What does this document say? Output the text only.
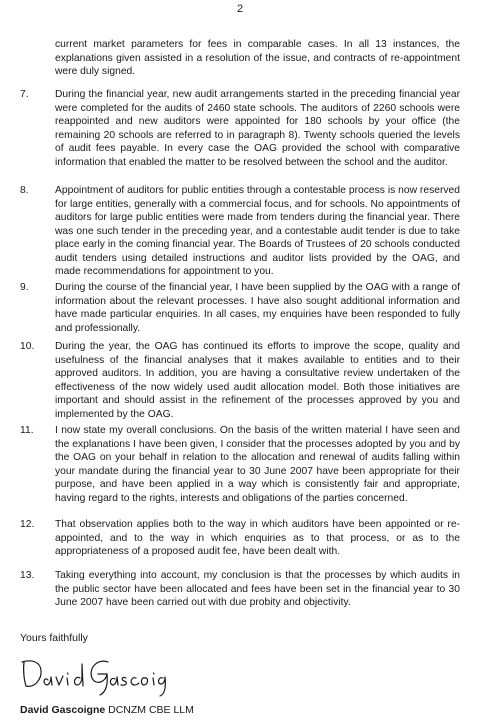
2
current market parameters for fees in comparable cases. In all 13 instances, the explanations given assisted in a resolution of the issue, and contracts of re-appointment were duly signed.
7.	During the financial year, new audit arrangements started in the preceding financial year were completed for the audits of 2460 state schools. The auditors of 2260 schools were reappointed and new auditors were appointed for 180 schools by your office (the remaining 20 schools are referred to in paragraph 8). Twenty schools queried the levels of audit fees payable. In every case the OAG provided the school with comparative information that enabled the matter to be resolved between the school and the auditor.
8.	Appointment of auditors for public entities through a contestable process is now reserved for large entities, generally with a commercial focus, and for schools. No appointments of auditors for large public entities were made from tenders during the financial year. There was one such tender in the preceding year, and a contestable audit tender is due to take place early in the coming financial year. The Boards of Trustees of 20 schools conducted audit tenders using detailed instructions and auditor lists provided by the OAG, and made recommendations for appointment to you.
9.	During the course of the financial year, I have been supplied by the OAG with a range of information about the relevant processes. I have also sought additional information and have made particular enquiries. In all cases, my enquiries have been responded to fully and professionally.
10. During the year, the OAG has continued its efforts to improve the scope, quality and usefulness of the financial analyses that it makes available to entities and to their approved auditors. In addition, you are having a consultative review undertaken of the effectiveness of the now widely used audit allocation model. Both those initiatives are important and should assist in the refinement of the processes approved by you and implemented by the OAG.
11. I now state my overall conclusions. On the basis of the written material I have seen and the explanations I have been given, I consider that the processes adopted by you and by the OAG on your behalf in relation to the allocation and renewal of audits falling within your mandate during the financial year to 30 June 2007 have been appropriate for their purpose, and have been applied in a way which is consistently fair and appropriate, having regard to the rights, interests and obligations of the parties concerned.
12. That observation applies both to the way in which auditors have been appointed or re-appointed, and to the way in which enquiries as to that process, or as to the appropriateness of a proposed audit fee, have been dealt with.
13. Taking everything into account, my conclusion is that the processes by which audits in the public sector have been allocated and fees have been set in the financial year to 30 June 2007 have been carried out with due probity and objectivity.
Yours faithfully
David Gascoigne DCNZM CBE LLM
